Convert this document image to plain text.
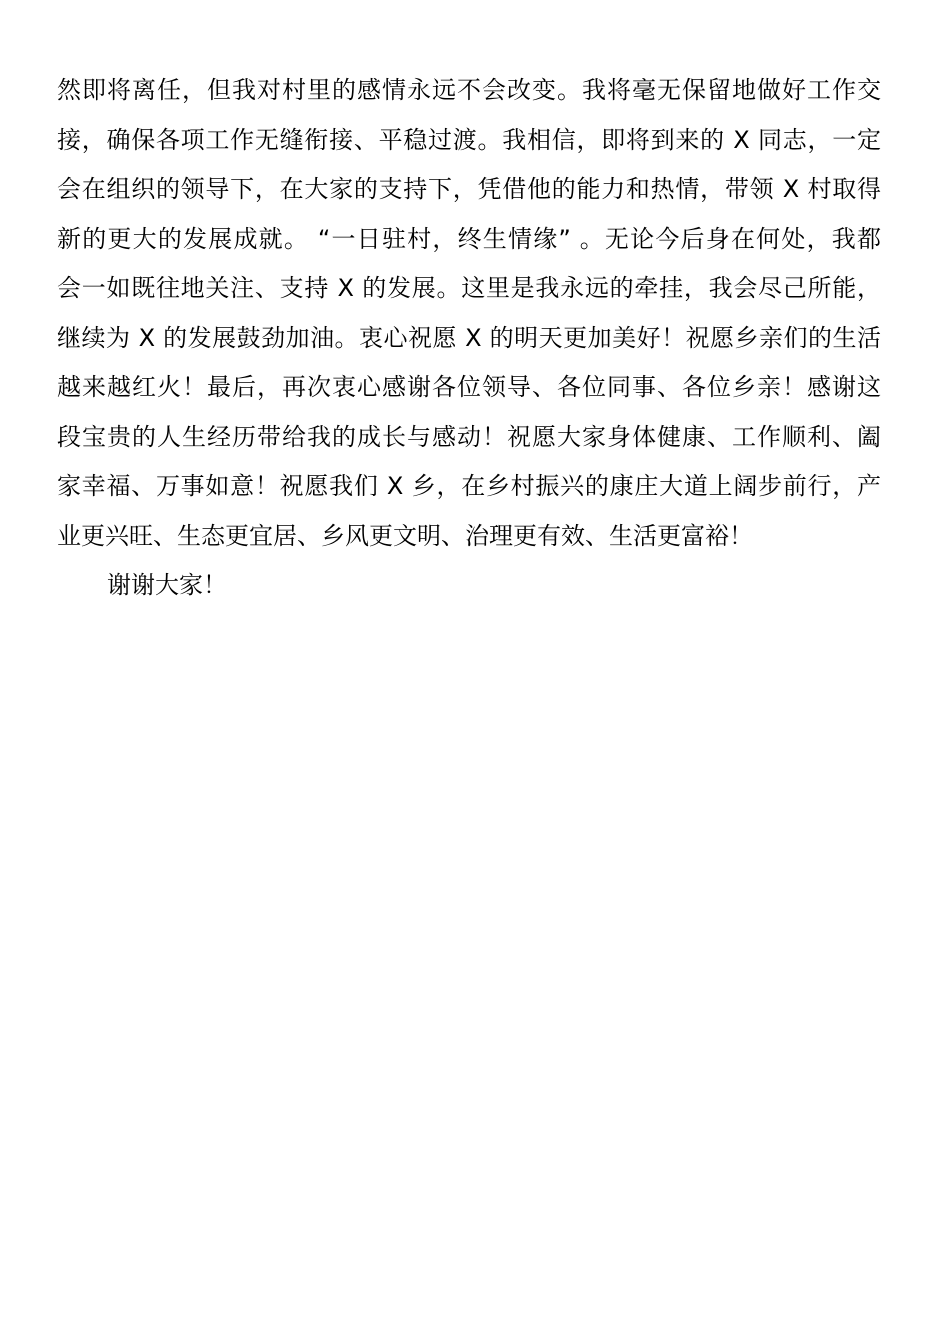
然即将离任，但我对村里的感情永远不会改变。我将毫无保留地做好工作交
接，确保各项工作无缝衔接、平稳过渡。我相信，即将到来的 X 同志，一定
会在组织的领导下，在大家的支持下，凭借他的能力和热情，带领 X 村取得
新的更大的发展成就。 “一日驻村，终生情缘” 。无论今后身在何处，我都
会一如既往地关注、支持 X 的发展。这里是我永远的牵挂，我会尽己所能，
继续为 X 的发展鼓劲加油。衷心祝愿 X 的明天更加美好！祝愿乡亲们的生活
越来越红火！最后，再次衷心感谢各位领导、各位同事、各位乡亲！感谢这
段宝贵的人生经历带给我的成长与感动！祝愿大家身体健康、工作顺利、阖
家幸福、万事如意！祝愿我们 X 乡，在乡村振兴的康庄大道上阔步前行，产
业更兴旺、生态更宜居、乡风更文明、治理更有效、生活更富裕！
谢谢大家！
